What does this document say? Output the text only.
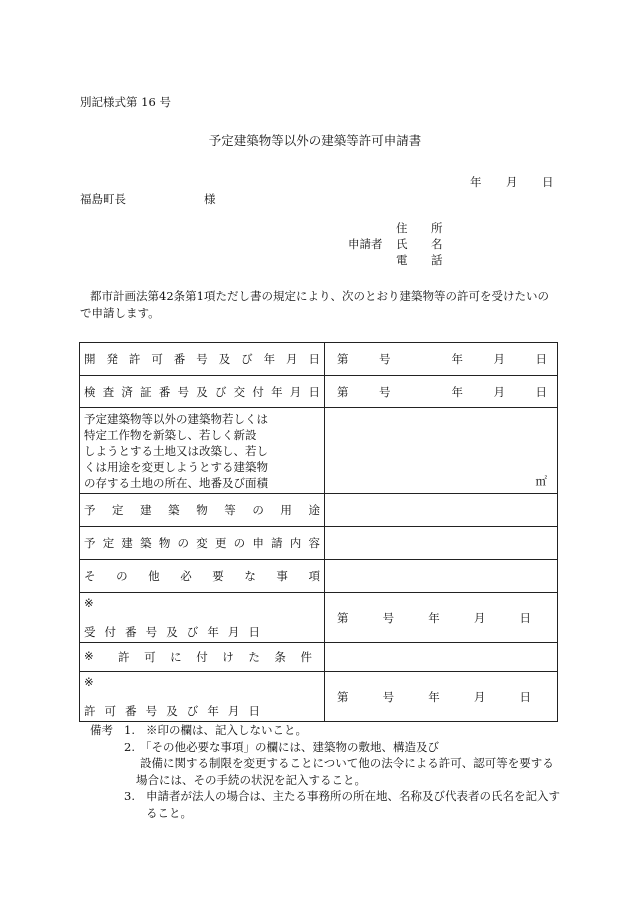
別記様式第 16 号
予定建築物等以外の建築等許可申請書
年 月 日
福島町長	様
住　所
申請者	氏　名
電　話
都市計画法第42条第1項ただし書の規定により、次のとおり建築物等の許可を受けたいので申請します。
開発許可番号及び年月日	第 号 年 月 日

検査済証番号及び交付年月日	第 号 年 月 日

予定建築物等以外の建築物若しくは
特定工作物を新築し、若しく新設
しようとする土地又は改築し、若し
くは用途を変更しようとする建築物
の存する土地の所在、地番及び面積	㎡

予定建築物等の用途	
予定建築物の変更の申請内容	
その他必要な事項	

※
受付番号及び年月日	第 号 年 月 日

※ 許可に付けた条件	

※
許可番号及び年月日	第 号 年 月 日
備考 1. ※印の欄は、記入しないこと。
2. 「その他必要な事項」の欄には、建築物の敷地、構造及び
設備に関する制限を変更することについて他の法令による許可、認可等を要する
場合には、その手続の状況を記入すること。
3. 申請者が法人の場合は、主たる事務所の所在地、名称及び代表者の氏名を記入す
ること。
